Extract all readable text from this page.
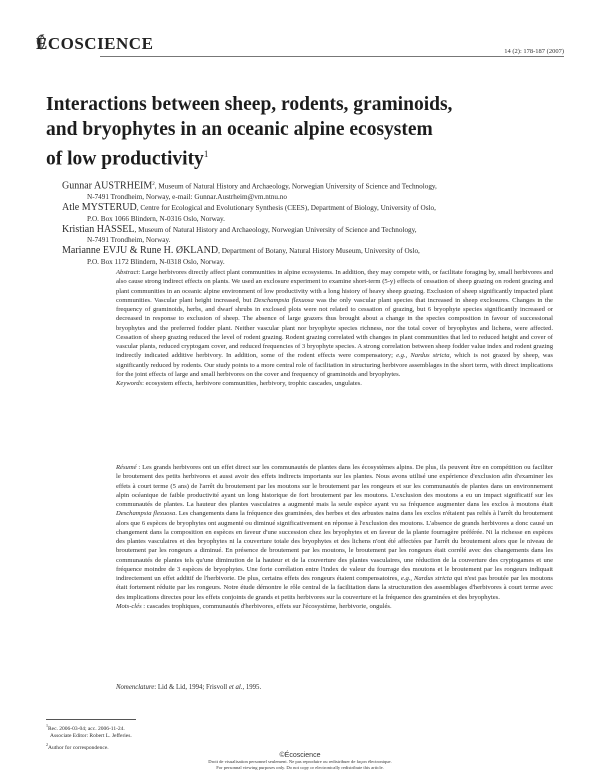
ÉCOSCIENCE	14 (2): 178-187 (2007)
Interactions between sheep, rodents, graminoids,
and bryophytes in an oceanic alpine ecosystem
of low productivity$^1$
Gunnar AUSTRHEIM$^2$, Museum of Natural History and Archaeology, Norwegian University of Science and Technology,
N-7491 Trondheim, Norway, e-mail: Gunnar.Austrheim@vm.ntnu.no
Atle MYSTERUD, Centre for Ecological and Evolutionary Synthesis (CEES), Department of Biology, University of Oslo,
P.O. Box 1066 Blindern, N-0316 Oslo, Norway.
Kristian HASSEL, Museum of Natural History and Archaeology, Norwegian University of Science and Technology,
N-7491 Trondheim, Norway.
Marianne EVJU & Rune H. ØKLAND, Department of Botany, Natural History Museum, University of Oslo,
P.O. Box 1172 Blindern, N-0318 Oslo, Norway.
Abstract: Large herbivores directly affect plant communities in alpine ecosystems. In addition, they may compete with, or facilitate foraging by, small herbivores and also cause strong indirect effects on plants. We used an exclosure experiment to examine short-term (5-y) effects of cessation of sheep grazing on rodent grazing and plant communities in an oceanic alpine environment of low productivity with a long history of heavy sheep grazing. Exclusion of sheep significantly impacted plant communities. Vascular plant height increased, but Deschampsia flexuosa was the only vascular plant species that increased in sheep exclosures. Changes in the frequency of graminoids, herbs, and dwarf shrubs in exclosed plots were not related to cessation of grazing, but 6 bryophyte species significantly increased or decreased in response to exclusion of sheep. The absence of large grazers thus brought about a change in the species composition in favour of successional bryophytes and the preferred fodder plant. Neither vascular plant nor bryophyte species richness, nor the total cover of bryophytes and lichens, were affected. Cessation of sheep grazing reduced the level of rodent grazing. Rodent grazing correlated with changes in plant communities that led to reduced height and cover of vascular plants, reduced cryptogam cover, and reduced frequencies of 3 bryophyte species. A strong correlation between sheep fodder value index and rodent grazing indirectly indicated additive herbivory. In addition, some of the rodent effects were compensatory; e.g., Nardus stricta, which is not grazed by sheep, was significantly reduced by rodents. Our study points to a more central role of facilitation in structuring herbivore assemblages in the short term, with direct implications for the joint effects of large and small herbivores on the cover and frequency of graminoids and bryophytes.
Keywords: ecosystem effects, herbivore communities, herbivory, trophic cascades, ungulates.
Résumé : Les grands herbivores ont un effet direct sur les communautés de plantes dans les écosystèmes alpins. De plus, ils peuvent être en compétition ou faciliter le broutement des petits herbivores et aussi avoir des effets indirects importants sur les plantes. Nous avons utilisé une expérience d'exclusion afin d'examiner les effets à court terme (5 ans) de l'arrêt du broutement par les moutons sur le broutement par les rongeurs et sur les communautés de plantes dans un environnement alpin océanique de faible productivité ayant un long historique de fort broutement par les moutons. L'exclusion des moutons a eu un impact significatif sur les communautés de plantes. La hauteur des plantes vasculaires a augmenté mais la seule espèce ayant vu sa fréquence augmenter dans les exclos à moutons était Deschampsia flexuosa. Les changements dans la fréquence des graminées, des herbes et des arbustes nains dans les exclos n'étaient pas reliés à l'arrêt du broutement alors que 6 espèces de bryophytes ont augmenté ou diminué significativement en réponse à l'exclusion des moutons. L'absence de grands herbivores a donc causé un changement dans la composition en espèces en faveur d'une succession chez les bryophytes et en faveur de la plante fourragère préférée. Ni la richesse en espèces des plantes vasculaires et des bryophytes ni la couverture totale des bryophytes et des lichens n'ont été affectées par l'arrêt du broutement alors que le niveau de broutement par les rongeurs a diminué. En présence de broutement par les moutons, le broutement par les rongeurs était corrélé avec des changements dans les communautés de plantes tels qu'une diminution de la hauteur et de la couverture des plantes vasculaires, une réduction de la couverture des cryptogames et une fréquence moindre de 3 espèces de bryophytes. Une forte corrélation entre l'index de valeur du fourrage des moutons et le broutement par les rongeurs indiquait indirectement un effet additif de l'herbivorie. De plus, certains effets des rongeurs étaient compensatoires, e.g., Nardus stricta qui n'est pas broutée par les moutons était fortement réduite par les rongeurs. Notre étude démontre le rôle central de la facilitation dans la structuration des assemblages d'herbivores à court terme avec des implications directes pour les effets conjoints de grands et petits herbivores sur la couverture et la fréquence des graminées et des bryophytes.
Mots-clés : cascades trophiques, communautés d'herbivores, effets sur l'écosystème, herbivorie, ongulés.
Nomenclature: Lid & Lid, 1994; Frisvoll et al., 1995.
$^1$Rec. 2006-03-04; acc. 2006-11-24.
Associate Editor: Robert L. Jefferies.
$^2$Author for correspondence.
©Écoscience
Droit de visualisation personnel seulement. Ne pas reproduire ou redistribuer de façon électronique.
For personnal viewing purposes only. Do not copy or electronically redistribute this article.
